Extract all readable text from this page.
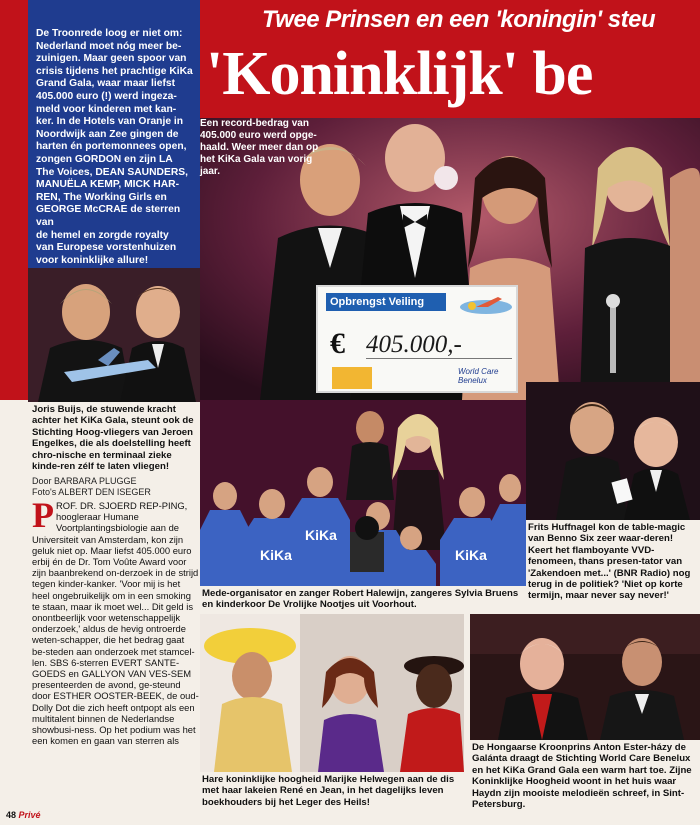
Twee Prinsen en een 'koningin' steu
'Koninklijk' be
De Troonrede loog er niet om:
Nederland moet nóg meer be-
zuinigen. Maar geen spoor van
crisis tijdens het prachtige KiKa
Grand Gala, waar maar liefst
405.000 euro (!) werd ingeza-
meld voor kinderen met kan-
ker. In de Hotels van Oranje in
Noordwijk aan Zee gingen de
harten én portemonnees open,
zongen GORDON en zijn LA
The Voices, DEAN SAUNDERS,
MANUËLA KEMP, MICK HAR-
REN, The Working Girls en
GEORGE McCRAE de sterren van
de hemel en zorgde royalty
van Europese vorstenhuizen
voor koninklijke allure!
Een record-bedrag van 405.000 euro werd opge-haald. Weer meer dan op het KiKa Gala van vorig jaar.
Opbrengst Veiling
€ 405.000,-
World Care Benelux
Joris Buijs, de stuwende kracht achter het KiKa Gala, steunt ook de Stichting Hoog-vliegers van Jeroen Engelkes, die als doelstelling heeft chro-nische en terminaal zieke kinde-ren zélf te laten vliegen!
Door BARBARA PLUGGE
Foto's ALBERT DEN ISEGER
PROF. DR. SJOERD REP-PING, hoogleraar Humane Voortplantingsbiologie aan de Universiteit van Amsterdam, kon zijn geluk niet op. Maar liefst 405.000 euro erbij én de Dr. Tom Voûte Award voor zijn baanbrekend on-derzoek in de strijd tegen kinder-kanker. 'Voor mij is het heel ongebruikelijk om in een smoking te staan, maar ik moet wel... Dit geld is onontbeerlijk voor wetenschappelijk onderzoek,' aldus de hevig ontroerde weten-schapper, die het bedrag gaat be-steden aan onderzoek met stamcel-len. SBS 6-sterren EVERT SANTE-GOEDS en GALLYON VAN VES-SEM presenteerden de avond, ge-steund door ESTHER OOSTER-BEEK, de oud-Dolly Dot die zich heeft ontpopt als een multitalent binnen de Nederlandse showbusi-ness. Op het podium was het een komen en gaan van sterren als
KiKa
KiKa
KiKa
Frits Huffnagel kon de table-magic van Benno Six zeer waar-deren! Keert het flamboyante VVD-fenomeen, thans presen-tator van 'Zakendoen met...' (BNR Radio) nog terug in de politiek? 'Niet op korte termijn, maar never say never!'
Mede-organisator en zanger Robert Halewijn, zangeres Sylvia Bruens en kinderkoor De Vrolijke Nootjes uit Voorhout.
Hare koninklijke hoogheid Marijke Helwegen aan de dis met haar lakeien René en Jean, in het dagelijks leven boekhouders bij het Leger des Heils!
De Hongaarse Kroonprins Anton Ester-házy de Galánta draagt de Stichting World Care Benelux en het KiKa Grand Gala een warm hart toe. Zijne Koninklijke Hoogheid woont in het huis waar Haydn zijn mooiste melodieën schreef, in Sint-Petersburg.
48 Privé
